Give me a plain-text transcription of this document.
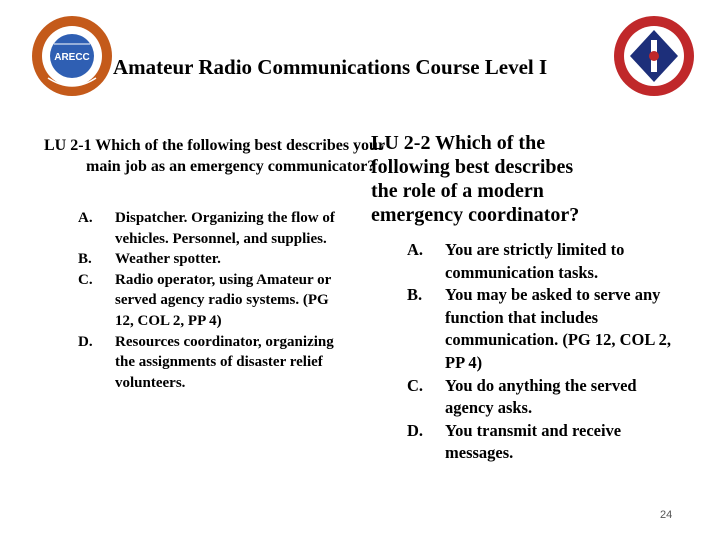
ARECC Amateur Radio Communications Course Level I
LU 2-1 Which of the following best describes your main job as an emergency communicator?
A.	Dispatcher. Organizing the flow of vehicles. Personnel, and supplies.
B.	Weather spotter.
C.	Radio operator, using Amateur or served agency radio systems. (PG 12, COL 2, PP 4)
D.	Resources coordinator, organizing the assignments of disaster relief volunteers.
LU 2-2 Which of the
following best describes
the role of a modern
emergency coordinator?
A.	You are strictly limited to communication tasks.
B.	You may be asked to serve any function that includes communication. (PG 12, COL 2, PP 4)
C.	You do anything the served agency asks.
D.	You transmit and receive messages.
24
